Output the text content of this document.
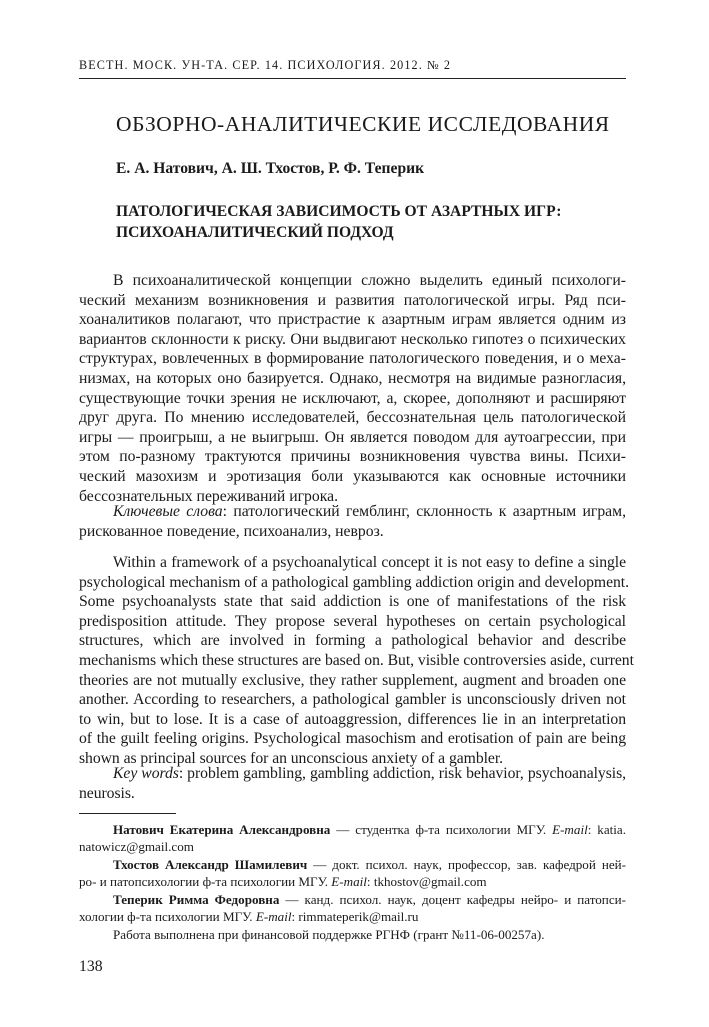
ВЕСТН. МОСК. УН-ТА. СЕР. 14. ПСИХОЛОГИЯ. 2012. № 2
ОБЗОРНО-АНАЛИТИЧЕСКИЕ ИССЛЕДОВАНИЯ
Е. А. Натович, А. Ш. Тхостов, Р. Ф. Теперик
ПАТОЛОГИЧЕСКАЯ ЗАВИСИМОСТЬ ОТ АЗАРТНЫХ ИГР:
ПСИХОАНАЛИТИЧЕСКИЙ ПОДХОД
В психоаналитической концепции сложно выделить единый психологи-
ческий механизм возникновения и развития патологической игры. Ряд пси-
хоаналитиков полагают, что пристрастие к азартным играм является одним из
вариантов склонности к риску. Они выдвигают несколько гипотез о психических
структурах, вовлеченных в формирование патологического поведения, и о меха-
низмах, на которых оно базируется. Однако, несмотря на видимые разногласия,
существующие точки зрения не исключают, а, скорее, дополняют и расширяют
друг друга. По мнению исследователей, бессознательная цель патологической
игры — проигрыш, а не выигрыш. Он является поводом для аутоагрессии, при
этом по-разному трактуются причины возникновения чувства вины. Психи-
ческий мазохизм и эротизация боли указываются как основные источники
бессознательных переживаний игрока.
Ключевые слова: патологический гемблинг, склонность к азартным играм,
рискованное поведение, психоанализ, невроз.
Within a framework of a psychoanalytical concept it is not easy to define a single
psychological mechanism of a pathological gambling addiction origin and development.
Some psychoanalysts state that said addiction is one of manifestations of the risk
predisposition attitude. They propose several hypotheses on certain psychological
structures, which are involved in forming a pathological behavior and describe
mechanisms which these structures are based on. But, visible controversies aside, current
theories are not mutually exclusive, they rather supplement, augment and broaden one
another. According to researchers, a pathological gambler is unconsciously driven not
to win, but to lose. It is a case of autoaggression, differences lie in an interpretation
of the guilt feeling origins. Psychological masochism and erotisation of pain are being
shown as principal sources for an unconscious anxiety of a gambler.
Key words: problem gambling, gambling addiction, risk behavior, psychoanalysis,
neurosis.
Натович Екатерина Александровна — студентка ф-та психологии МГУ. E-mail: katia.
natowicz@gmail.com
Тхостов Александр Шамилевич — докт. психол. наук, профессор, зав. кафедрой ней-
ро- и патопсихологии ф-та психологии МГУ. E-mail: tkhostov@gmail.com
Теперик Римма Федоровна — канд. психол. наук, доцент кафедры нейро- и патопси-
хологии ф-та психологии МГУ. E-mail: rimmateperik@mail.ru
Работа выполнена при финансовой поддержке РГНФ (грант №11-06-00257а).
138
